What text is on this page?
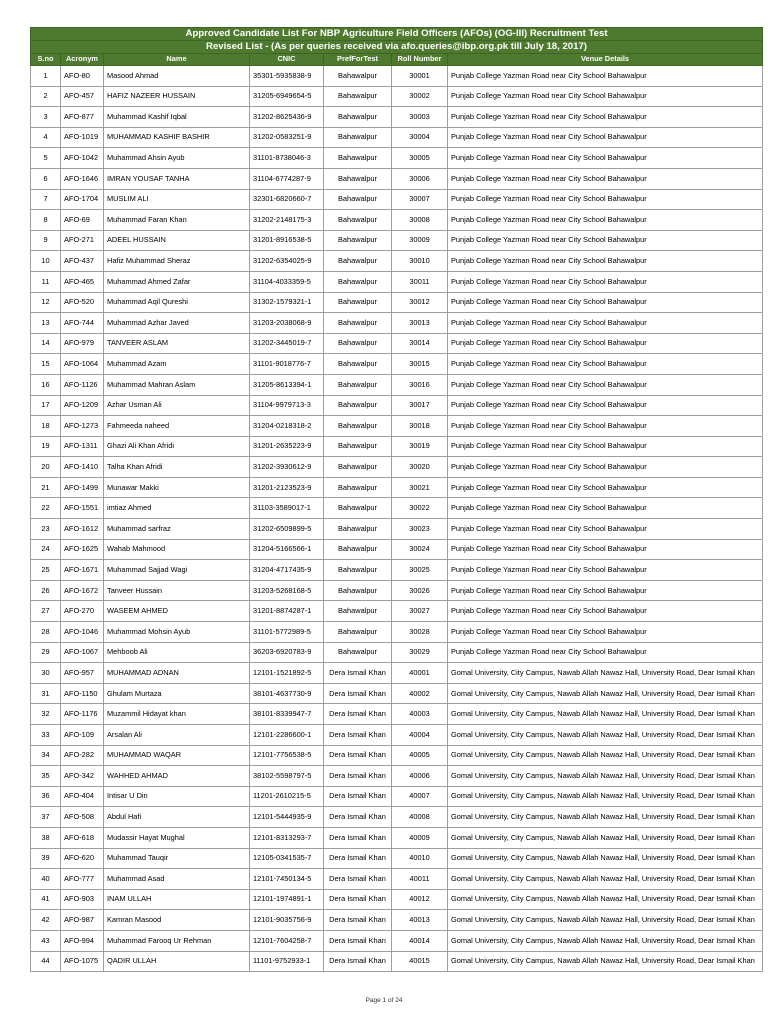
Approved Candidate List For NBP Agriculture Field Officers (AFOs) (OG-III) Recruitment Test						
Revised List - (As per queries received via afo.queries@ibp.org.pk till July 18, 2017)						
S.no	Acronym	Name	CNIC	PrefForTest	Roll Number	Venue Details
1	AFO-80	Masood Ahmad	35301-5935838-9	Bahawalpur	30001	Punjab College Yazman Road near City School Bahawalpur
2	AFO-457	HAFIZ NAZEER HUSSAIN	31205-6949654-5	Bahawalpur	30002	Punjab College Yazman Road near City School Bahawalpur
3	AFO-877	Muhammad Kashif Iqbal	31202-8625436-9	Bahawalpur	30003	Punjab College Yazman Road near City School Bahawalpur
4	AFO-1019	MUHAMMAD KASHIF BASHIR	31202-0583251-9	Bahawalpur	30004	Punjab College Yazman Road near City School Bahawalpur
5	AFO-1042	Muhammad Ahsin Ayub	31101-8738046-3	Bahawalpur	30005	Punjab College Yazman Road near City School Bahawalpur
6	AFO-1646	IMRAN YOUSAF TANHA	31104-6774287-9	Bahawalpur	30006	Punjab College Yazman Road near City School Bahawalpur
7	AFO-1704	MUSLIM ALI	32301-6820660-7	Bahawalpur	30007	Punjab College Yazman Road near City School Bahawalpur
8	AFO-69	Muhammad Faran Khan	31202-2148175-3	Bahawalpur	30008	Punjab College Yazman Road near City School Bahawalpur
9	AFO-271	ADEEL HUSSAIN	31201-8916538-5	Bahawalpur	30009	Punjab College Yazman Road near City School Bahawalpur
10	AFO-437	Hafiz Muhammad Sheraz	31202-6354025-9	Bahawalpur	30010	Punjab College Yazman Road near City School Bahawalpur
11	AFO-465	Muhammad Ahmed Zafar	31104-4033359-5	Bahawalpur	30011	Punjab College Yazman Road near City School Bahawalpur
12	AFO-520	Muhammad Aqil Qureshi	31302-1579321-1	Bahawalpur	30012	Punjab College Yazman Road near City School Bahawalpur
13	AFO-744	Muhammad Azhar Javed	31203-2038068-9	Bahawalpur	30013	Punjab College Yazman Road near City School Bahawalpur
14	AFO-979	TANVEER ASLAM	31202-3445019-7	Bahawalpur	30014	Punjab College Yazman Road near City School Bahawalpur
15	AFO-1064	Muhammad Azam	31101-9018776-7	Bahawalpur	30015	Punjab College Yazman Road near City School Bahawalpur
16	AFO-1126	Muhammad Mahran Aslam	31205-8613394-1	Bahawalpur	30016	Punjab College Yazman Road near City School Bahawalpur
17	AFO-1209	Azhar Usman Ali	31104-9979713-3	Bahawalpur	30017	Punjab College Yazman Road near City School Bahawalpur
18	AFO-1273	Fahmeeda naheed	31204-0218318-2	Bahawalpur	30018	Punjab College Yazman Road near City School Bahawalpur
19	AFO-1311	Ghazi Ali Khan Afridi	31201-2635223-9	Bahawalpur	30019	Punjab College Yazman Road near City School Bahawalpur
20	AFO-1410	Talha Khan Afridi	31202-3930612-9	Bahawalpur	30020	Punjab College Yazman Road near City School Bahawalpur
21	AFO-1499	Munawar Makki	31201-2123523-9	Bahawalpur	30021	Punjab College Yazman Road near City School Bahawalpur
22	AFO-1551	imtiaz Ahmed	31103-3589017-1	Bahawalpur	30022	Punjab College Yazman Road near City School Bahawalpur
23	AFO-1612	Muhammad sarfraz	31202-6509899-5	Bahawalpur	30023	Punjab College Yazman Road near City School Bahawalpur
24	AFO-1625	Wahab Mahmood	31204-5166566-1	Bahawalpur	30024	Punjab College Yazman Road near City School Bahawalpur
25	AFO-1671	Muhammad Sajjad Wagi	31204-4717435-9	Bahawalpur	30025	Punjab College Yazman Road near City School Bahawalpur
26	AFO-1672	Tanveer Hussain	31203-5268168-5	Bahawalpur	30026	Punjab College Yazman Road near City School Bahawalpur
27	AFO-270	WASEEM AHMED	31201-8874287-1	Bahawalpur	30027	Punjab College Yazman Road near City School Bahawalpur
28	AFO-1046	Muhammad Mohsin Ayub	31101-5772989-5	Bahawalpur	30028	Punjab College Yazman Road near City School Bahawalpur
29	AFO-1067	Mehboob Ali	36203-6920783-9	Bahawalpur	30029	Punjab College Yazman Road near City School Bahawalpur
30	AFO-957	MUHAMMAD ADNAN	12101-1521892-5	Dera Ismail Khan	40001	Gomal University, City Campus, Nawab Allah Nawaz Hall, University Road, Dear Ismail Khan
31	AFO-1150	Ghulam Murtaza	38101-4637730-9	Dera Ismail Khan	40002	Gomal University, City Campus, Nawab Allah Nawaz Hall, University Road, Dear Ismail Khan
32	AFO-1176	Muzammil Hidayat khan	38101-8339947-7	Dera Ismail Khan	40003	Gomal University, City Campus, Nawab Allah Nawaz Hall, University Road, Dear Ismail Khan
33	AFO-109	Arsalan Ali	12101-2286600-1	Dera Ismail Khan	40004	Gomal University, City Campus, Nawab Allah Nawaz Hall, University Road, Dear Ismail Khan
34	AFO-282	MUHAMMAD WAQAR	12101-7756538-5	Dera Ismail Khan	40005	Gomal University, City Campus, Nawab Allah Nawaz Hall, University Road, Dear Ismail Khan
35	AFO-342	WAHHED AHMAD	38102-5598797-5	Dera Ismail Khan	40006	Gomal University, City Campus, Nawab Allah Nawaz Hall, University Road, Dear Ismail Khan
36	AFO-404	Intisar U Din	11201-2610215-5	Dera Ismail Khan	40007	Gomal University, City Campus, Nawab Allah Nawaz Hall, University Road, Dear Ismail Khan
37	AFO-508	Abdul Hafi	12101-5444935-9	Dera Ismail Khan	40008	Gomal University, City Campus, Nawab Allah Nawaz Hall, University Road, Dear Ismail Khan
38	AFO-618	Mudassir Hayat Mughal	12101-8313293-7	Dera Ismail Khan	40009	Gomal University, City Campus, Nawab Allah Nawaz Hall, University Road, Dear Ismail Khan
39	AFO-620	Muhammad Tauqir	12105-0341535-7	Dera Ismail Khan	40010	Gomal University, City Campus, Nawab Allah Nawaz Hall, University Road, Dear Ismail Khan
40	AFO-777	Muhammad Asad	12101-7450134-5	Dera Ismail Khan	40011	Gomal University, City Campus, Nawab Allah Nawaz Hall, University Road, Dear Ismail Khan
41	AFO-903	INAM ULLAH	12101-1974891-1	Dera Ismail Khan	40012	Gomal University, City Campus, Nawab Allah Nawaz Hall, University Road, Dear Ismail Khan
42	AFO-987	Kamran Masood	12101-9035756-9	Dera Ismail Khan	40013	Gomal University, City Campus, Nawab Allah Nawaz Hall, University Road, Dear Ismail Khan
43	AFO-994	Muhammad Farooq Ur Rehman	12101-7604258-7	Dera Ismail Khan	40014	Gomal University, City Campus, Nawab Allah Nawaz Hall, University Road, Dear Ismail Khan
44	AFO-1075	QADIR ULLAH	11101-9752933-1	Dera Ismail Khan	40015	Gomal University, City Campus, Nawab Allah Nawaz Hall, University Road, Dear Ismail Khan
Page 1 of 24
